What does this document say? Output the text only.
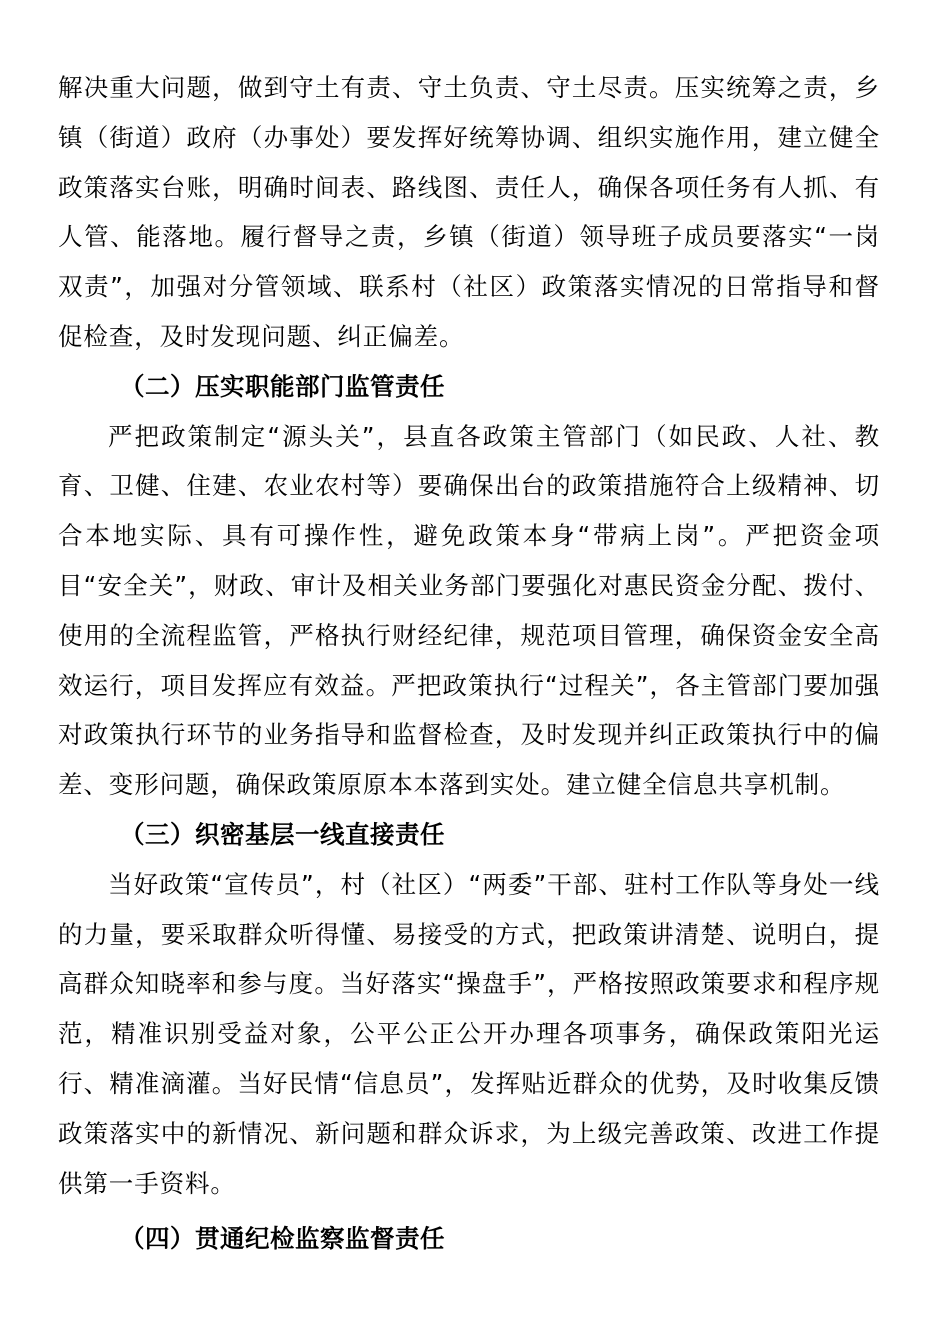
解决重大问题，做到守土有责、守土负责、守土尽责。压实统筹之责，乡镇（街道）政府（办事处）要发挥好统筹协调、组织实施作用，建立健全政策落实台账，明确时间表、路线图、责任人，确保各项任务有人抓、有人管、能落地。履行督导之责，乡镇（街道）领导班子成员要落实“一岗双责”，加强对分管领域、联系村（社区）政策落实情况的日常指导和督促检查，及时发现问题、纠正偏差。

（二）压实职能部门监管责任

严把政策制定“源头关”，县直各政策主管部门（如民政、人社、教育、卫健、住建、农业农村等）要确保出台的政策措施符合上级精神、切合本地实际、具有可操作性，避免政策本身“带病上岗”。严把资金项目“安全关”，财政、审计及相关业务部门要强化对惠民资金分配、拨付、使用的全流程监管，严格执行财经纪律，规范项目管理，确保资金安全高效运行，项目发挥应有效益。严把政策执行“过程关”，各主管部门要加强对政策执行环节的业务指导和监督检查，及时发现并纠正政策执行中的偏差、变形问题，确保政策原原本本落到实处。建立健全信息共享机制。

（三）织密基层一线直接责任

当好政策“宣传员”，村（社区）“两委”干部、驻村工作队等身处一线的力量，要采取群众听得懂、易接受的方式，把政策讲清楚、说明白，提高群众知晓率和参与度。当好落实“操盘手”，严格按照政策要求和程序规范，精准识别受益对象，公平公正公开办理各项事务，确保政策阳光运行、精准滴灌。当好民情“信息员”，发挥贴近群众的优势，及时收集反馈政策落实中的新情况、新问题和群众诉求，为上级完善政策、改进工作提供第一手资料。

（四）贯通纪检监察监督责任
